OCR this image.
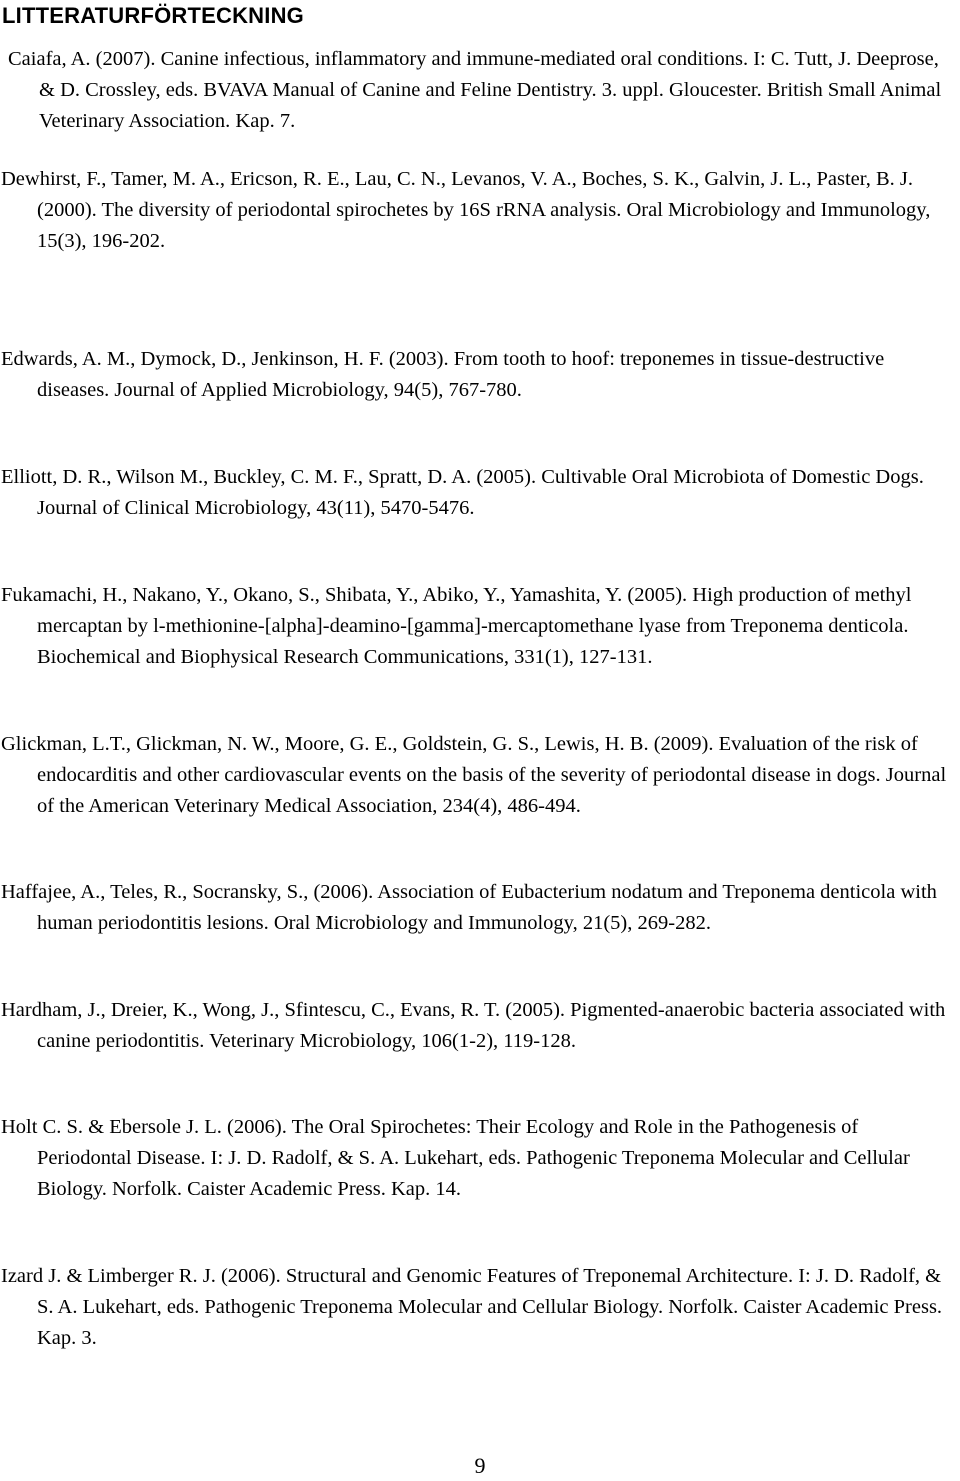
LITTERATURFÖRTECKNING
Caiafa, A. (2007). Canine infectious, inflammatory and immune-mediated oral conditions. I: C. Tutt, J. Deeprose, & D. Crossley, eds. BVAVA Manual of Canine and Feline Dentistry. 3. uppl. Gloucester. British Small Animal Veterinary Association. Kap. 7.
Dewhirst, F., Tamer, M. A., Ericson, R. E., Lau, C. N., Levanos, V. A., Boches, S. K., Galvin, J. L., Paster, B. J. (2000). The diversity of periodontal spirochetes by 16S rRNA analysis. Oral Microbiology and Immunology, 15(3), 196-202.
Edwards, A. M., Dymock, D., Jenkinson, H. F. (2003). From tooth to hoof: treponemes in tissue-destructive diseases. Journal of Applied Microbiology, 94(5), 767-780.
Elliott, D. R., Wilson M., Buckley, C. M. F., Spratt, D. A. (2005). Cultivable Oral Microbiota of Domestic Dogs. Journal of Clinical Microbiology, 43(11), 5470-5476.
Fukamachi, H., Nakano, Y., Okano, S., Shibata, Y., Abiko, Y., Yamashita, Y. (2005). High production of methyl mercaptan by l-methionine-[alpha]-deamino-[gamma]-mercaptomethane lyase from Treponema denticola. Biochemical and Biophysical Research Communications, 331(1), 127-131.
Glickman, L.T., Glickman, N. W., Moore, G. E., Goldstein, G. S., Lewis, H. B. (2009). Evaluation of the risk of endocarditis and other cardiovascular events on the basis of the severity of periodontal disease in dogs. Journal of the American Veterinary Medical Association, 234(4), 486-494.
Haffajee, A., Teles, R., Socransky, S., (2006). Association of Eubacterium nodatum and Treponema denticola with human periodontitis lesions. Oral Microbiology and Immunology, 21(5), 269-282.
Hardham, J., Dreier, K., Wong, J., Sfintescu, C., Evans, R. T. (2005). Pigmented-anaerobic bacteria associated with canine periodontitis. Veterinary Microbiology, 106(1-2), 119-128.
Holt C. S. & Ebersole J. L. (2006). The Oral Spirochetes: Their Ecology and Role in the Pathogenesis of Periodontal Disease. I: J. D. Radolf, & S. A. Lukehart, eds. Pathogenic Treponema Molecular and Cellular Biology. Norfolk. Caister Academic Press. Kap. 14.
Izard J. & Limberger R. J. (2006). Structural and Genomic Features of Treponemal Architecture. I: J. D. Radolf, & S. A. Lukehart, eds. Pathogenic Treponema Molecular and Cellular Biology. Norfolk. Caister Academic Press. Kap. 3.
9
